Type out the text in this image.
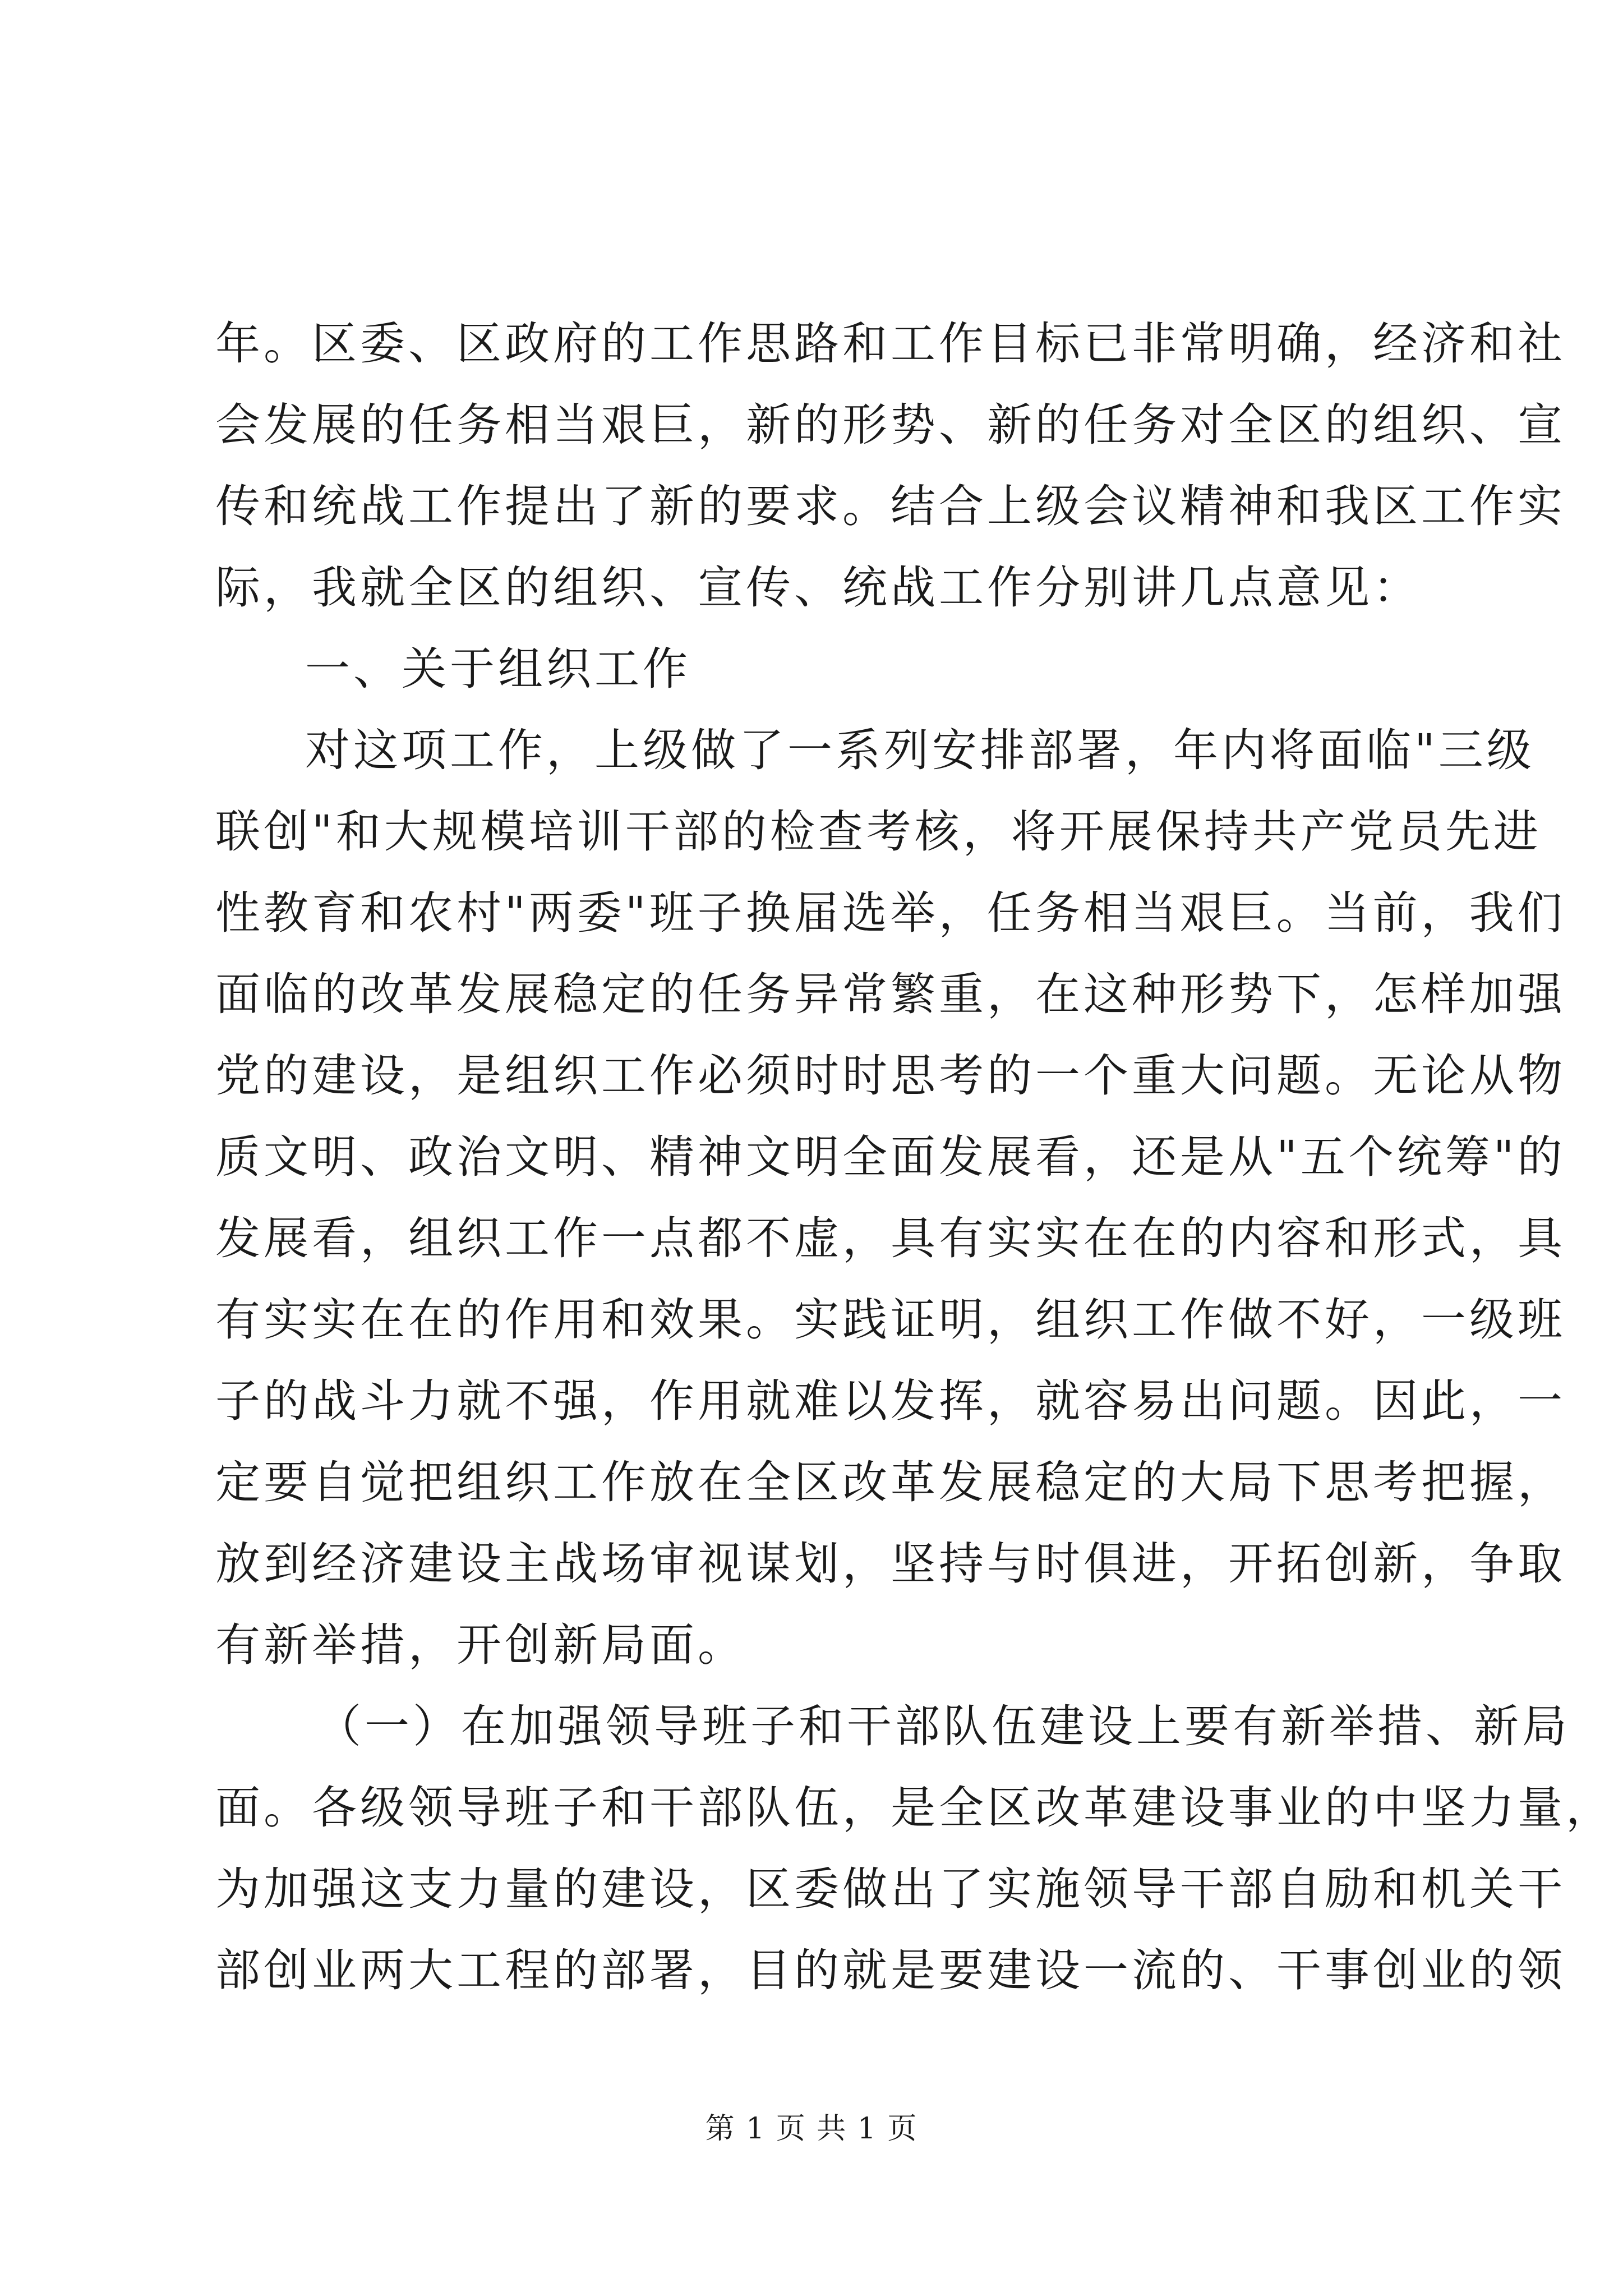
年。区委、区政府的工作思路和工作目标已非常明确，经济和社
会发展的任务相当艰巨，新的形势、新的任务对全区的组织、宣
传和统战工作提出了新的要求。结合上级会议精神和我区工作实
际，我就全区的组织、宣传、统战工作分别讲几点意见：
一、关于组织工作
对这项工作，上级做了一系列安排部署，年内将面临"三级
联创"和大规模培训干部的检查考核，将开展保持共产党员先进
性教育和农村"两委"班子换届选举，任务相当艰巨。当前，我们
面临的改革发展稳定的任务异常繁重，在这种形势下，怎样加强
党的建设，是组织工作必须时时思考的一个重大问题。无论从物
质文明、政治文明、精神文明全面发展看，还是从"五个统筹"的
发展看，组织工作一点都不虚，具有实实在在的内容和形式，具
有实实在在的作用和效果。实践证明，组织工作做不好，一级班
子的战斗力就不强，作用就难以发挥，就容易出问题。因此，一
定要自觉把组织工作放在全区改革发展稳定的大局下思考把握，
放到经济建设主战场审视谋划，坚持与时俱进，开拓创新，争取
有新举措，开创新局面。
（一）在加强领导班子和干部队伍建设上要有新举措、新局
面。各级领导班子和干部队伍，是全区改革建设事业的中坚力量，
为加强这支力量的建设，区委做出了实施领导干部自励和机关干
部创业两大工程的部署，目的就是要建设一流的、干事创业的领
第 1 页 共 1 页
